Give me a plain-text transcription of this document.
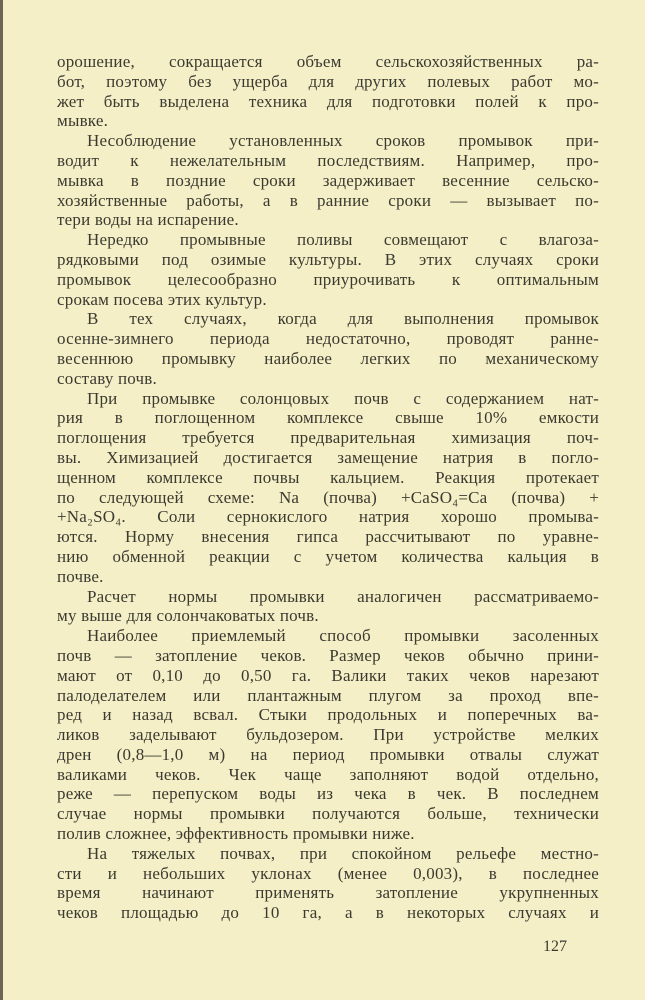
орошение, сокращается объем сельскохозяйственных ра-
бот, поэтому без ущерба для других полевых работ мо-
жет быть выделена техника для подготовки полей к про-
мывке.
Несоблюдение установленных сроков промывок при-
водит к нежелательным последствиям. Например, про-
мывка в поздние сроки задерживает весенние сельско-
хозяйственные работы, а в ранние сроки — вызывает по-
тери воды на испарение.
Нередко промывные поливы совмещают с влагоза-
рядковыми под озимые культуры. В этих случаях сроки
промывок целесообразно приурочивать к оптимальным
срокам посева этих культур.
В тех случаях, когда для выполнения промывок
осенне-зимнего периода недостаточно, проводят ранне-
весеннюю промывку наиболее легких по механическому
составу почв.
При промывке солонцовых почв с содержанием нат-
рия в поглощенном комплексе свыше 10% емкости
поглощения требуется предварительная химизация поч-
вы. Химизацией достигается замещение натрия в погло-
щенном комплексе почвы кальцием. Реакция протекает
по следующей схеме: Na (почва) +CaSO₄=Ca (почва) +
+Na₂SO₄. Соли сернокислого натрия хорошо промыва-
ются. Норму внесения гипса рассчитывают по уравне-
нию обменной реакции с учетом количества кальция в
почве.
Расчет нормы промывки аналогичен рассматриваемо-
му выше для солончаковатых почв.
Наиболее приемлемый способ промывки засоленных
почв — затопление чеков. Размер чеков обычно прини-
мают от 0,10 до 0,50 га. Валики таких чеков нарезают
палоделателем или плантажным плугом за проход впе-
ред и назад всвал. Стыки продольных и поперечных ва-
ликов заделывают бульдозером. При устройстве мелких
дрен (0,8—1,0 м) на период промывки отвалы служат
валиками чеков. Чек чаще заполняют водой отдельно,
реже — перепуском воды из чека в чек. В последнем
случае нормы промывки получаются больше, технически
полив сложнее, эффективность промывки ниже.
На тяжелых почвах, при спокойном рельефе местно-
сти и небольших уклонах (менее 0,003), в последнее
время начинают применять затопление укрупненных
чеков площадью до 10 га, а в некоторых случаях и
127
